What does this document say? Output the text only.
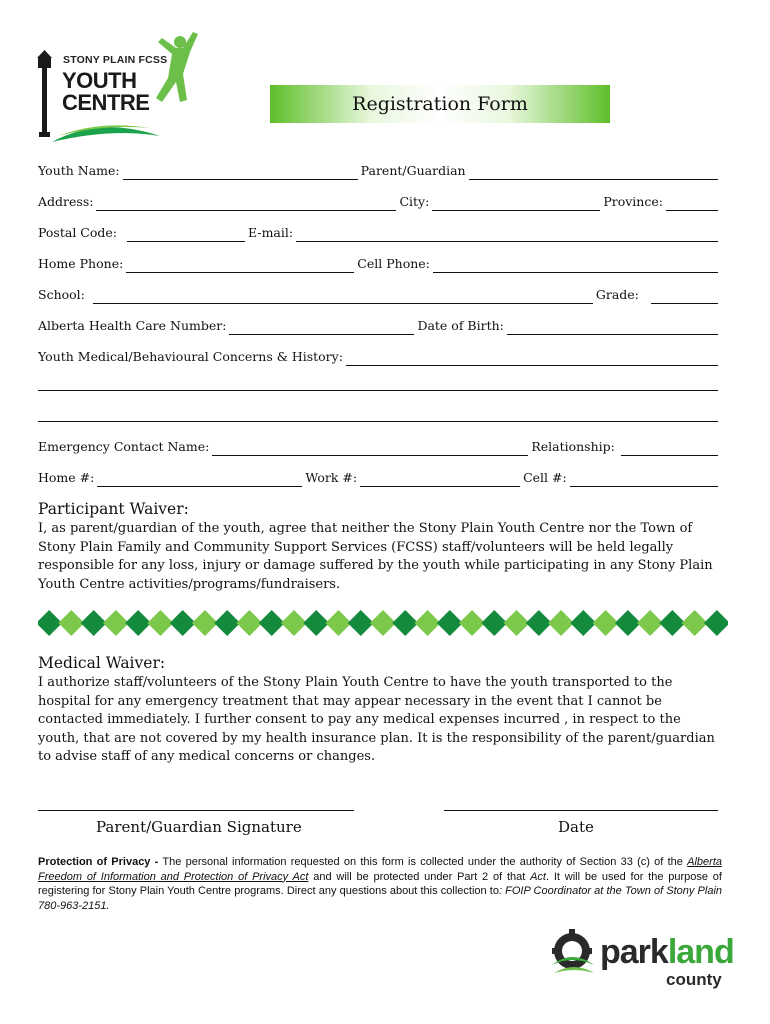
STONY PLAIN FCSS
YOUTH
CENTRE	Registration Form
Youth Name:	Parent/Guardian
Address:	City:	Province:
Postal Code:	E-mail:
Home Phone:	Cell Phone:
School:	Grade:
Alberta Health Care Number:	Date of Birth:
Youth Medical/Behavioural Concerns & History:
Emergency Contact Name:	Relationship:
Home #:	Work #:	Cell #:
Participant Waiver:
I, as parent/guardian of the youth, agree that neither the Stony Plain Youth Centre nor the Town of Stony Plain Family and Community Support Services (FCSS) staff/volunteers will be held legally responsible for any loss, injury or damage suffered by the youth while participating in any Stony Plain Youth Centre activities/programs/fundraisers.
Medical Waiver:
I authorize staff/volunteers of the Stony Plain Youth Centre to have the youth transported to the hospital for any emergency treatment that may appear necessary in the event that I cannot be contacted immediately. I further consent to pay any medical expenses incurred , in respect to the youth, that are not covered by my health insurance plan. It is the responsibility of the parent/guardian to advise staff of any medical concerns or changes.
Parent/Guardian Signature	Date
Protection of Privacy - The personal information requested on this form is collected under the authority of Section 33 (c) of the Alberta Freedom of Information and Protection of Privacy Act and will be protected under Part 2 of that Act. It will be used for the purpose of registering for Stony Plain Youth Centre programs. Direct any questions about this collection to: FOIP Coordinator at the Town of Stony Plain 780-963-2151.
parkland
county
